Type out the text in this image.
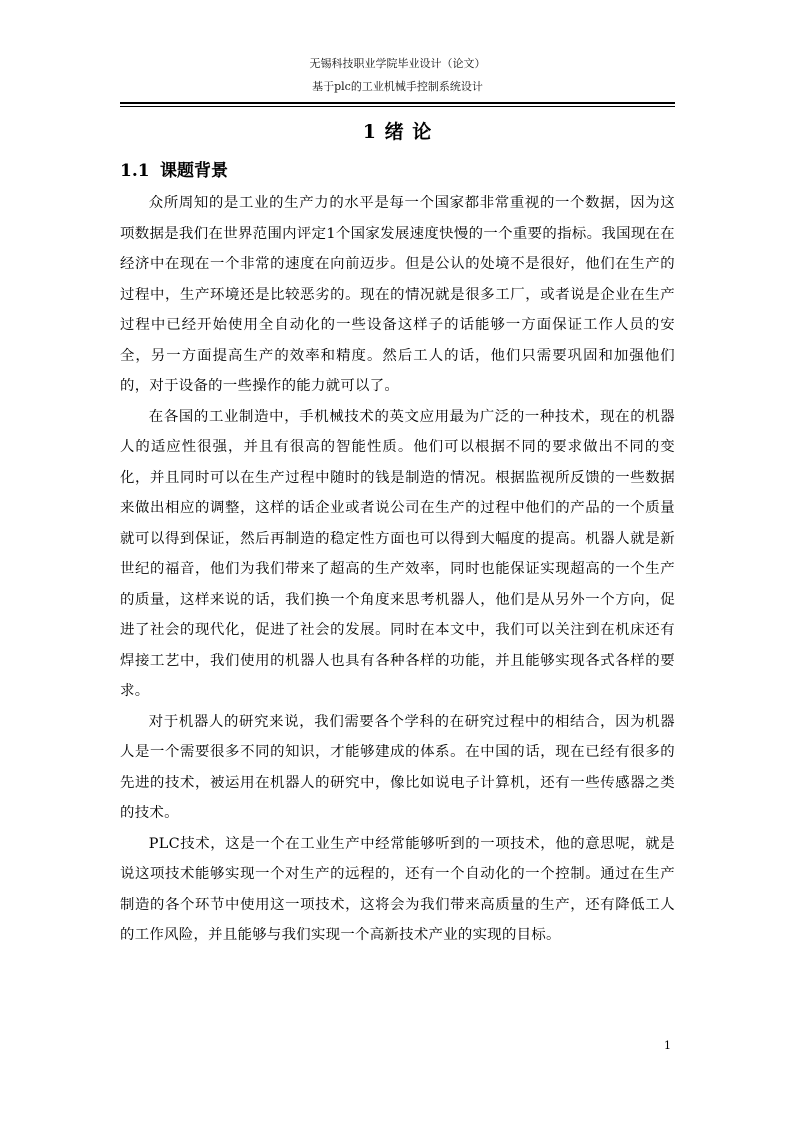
无锡科技职业学院毕业设计（论文）
基于plc的工业机械手控制系统设计
1 绪 论
1.1 课题背景

众所周知的是工业的生产力的水平是每一个国家都非常重视的一个数据，因为这项数据是我们在世界范围内评定1个国家发展速度快慢的一个重要的指标。我国现在在经济中在现在一个非常的速度在向前迈步。但是公认的处境不是很好，他们在生产的过程中，生产环境还是比较恶劣的。现在的情况就是很多工厂，或者说是企业在生产过程中已经开始使用全自动化的一些设备这样子的话能够一方面保证工作人员的安全，另一方面提高生产的效率和精度。然后工人的话，他们只需要巩固和加强他们的，对于设备的一些操作的能力就可以了。

在各国的工业制造中，手机械技术的英文应用最为广泛的一种技术，现在的机器人的适应性很强，并且有很高的智能性质。他们可以根据不同的要求做出不同的变化，并且同时可以在生产过程中随时的钱是制造的情况。根据监视所反馈的一些数据来做出相应的调整，这样的话企业或者说公司在生产的过程中他们的产品的一个质量就可以得到保证，然后再制造的稳定性方面也可以得到大幅度的提高。机器人就是新世纪的福音，他们为我们带来了超高的生产效率，同时也能保证实现超高的一个生产的质量，这样来说的话，我们换一个角度来思考机器人，他们是从另外一个方向，促进了社会的现代化，促进了社会的发展。同时在本文中，我们可以关注到在机床还有焊接工艺中，我们使用的机器人也具有各种各样的功能，并且能够实现各式各样的要求。

对于机器人的研究来说，我们需要各个学科的在研究过程中的相结合，因为机器人是一个需要很多不同的知识，才能够建成的体系。在中国的话，现在已经有很多的先进的技术，被运用在机器人的研究中，像比如说电子计算机，还有一些传感器之类的技术。

PLC技术，这是一个在工业生产中经常能够听到的一项技术，他的意思呢，就是说这项技术能够实现一个对生产的远程的，还有一个自动化的一个控制。通过在生产制造的各个环节中使用这一项技术，这将会为我们带来高质量的生产，还有降低工人的工作风险，并且能够与我们实现一个高新技术产业的实现的目标。

1
